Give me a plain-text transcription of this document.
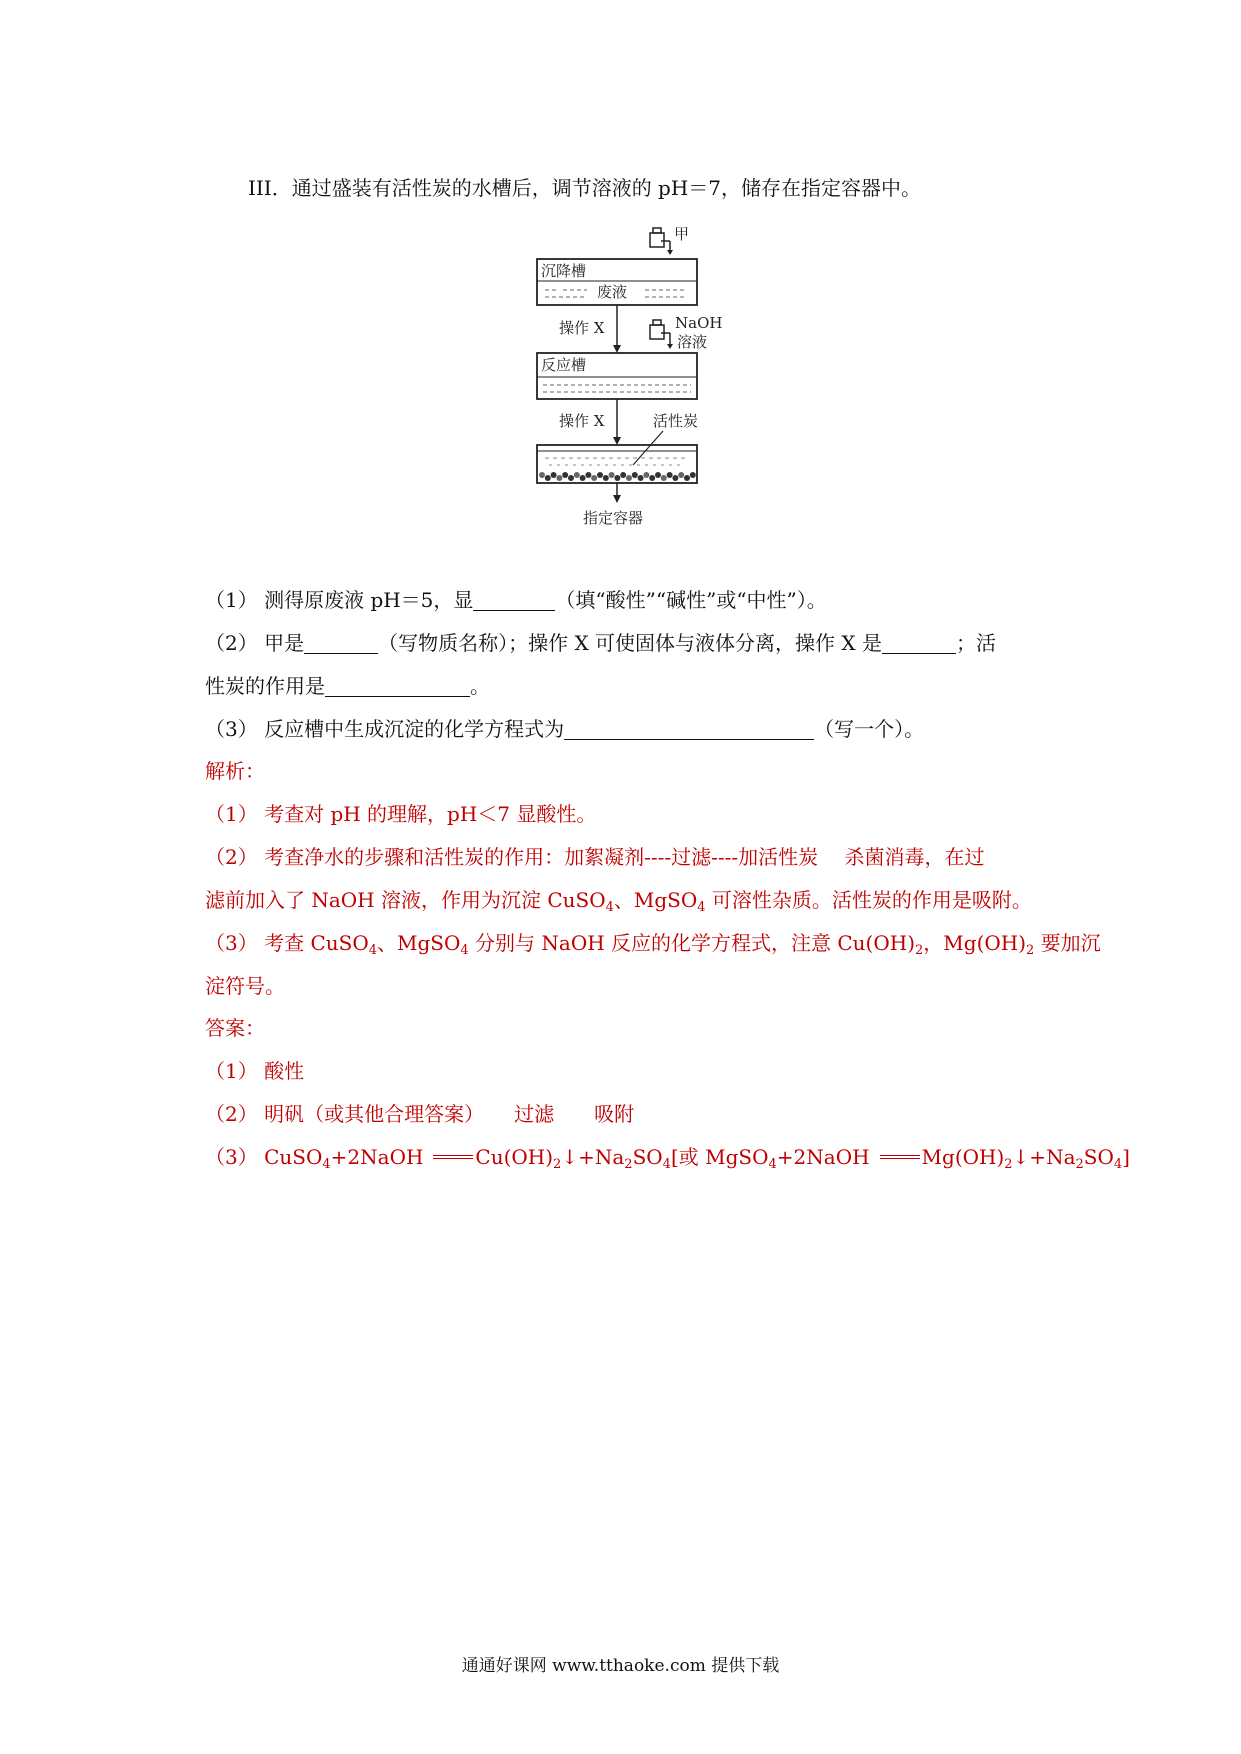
III．通过盛装有活性炭的水槽后，调节溶液的 pH＝7，储存在指定容器中。
甲
沉降槽
废液
操作 X	NaOH
溶液
反应槽
操作 X	活性炭
指定容器
（1） 测得原废液 pH＝5，显	（填“酸性”“碱性”或“中性”）。
（2） 甲是	（写物质名称）；操作 X 可使固体与液体分离，操作 X 是	；活
性炭的作用是	。
（3） 反应槽中生成沉淀的化学方程式为	（写一个）。
解析：
（1） 考查对 pH 的理解，pH＜7 显酸性。
（2） 考查净水的步骤和活性炭的作用：加絮凝剂----过滤----加活性炭　 杀菌消毒，在过
滤前加入了 NaOH 溶液，作用为沉淀 CuSO$_4$、MgSO$_4$ 可溶性杂质。活性炭的作用是吸附。
（3） 考查 CuSO$_4$、MgSO$_4$ 分别与 NaOH 反应的化学方程式，注意 $Cu(OH)_2$，$Mg(OH)_2$ 要加沉
淀符号。
答案：
（1） 酸性
（2） 明矾（或其他合理答案）　　过滤　　吸附
（3） CuSO$_4$+2NaOH	$Cu(OH)_2↓+Na_2SO_4$[或 MgSO$_4$+2NaOH	$Mg(OH)_2↓+Na_2SO_4$]
通通好课网 www.tthaoke.com 提供下载
